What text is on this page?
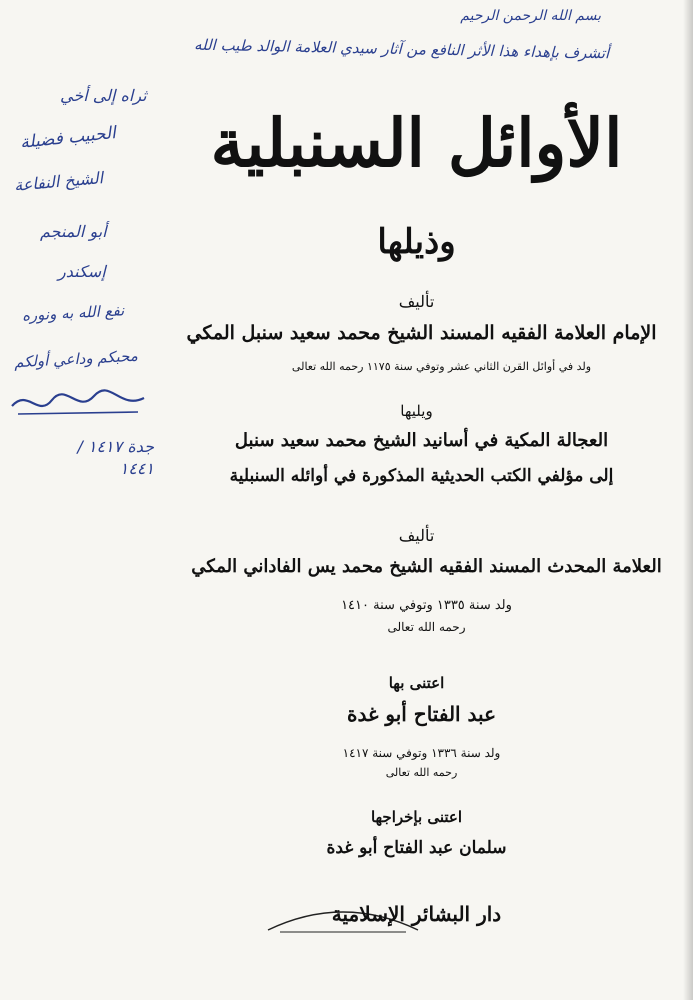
بسم الله الرحمن الرحيم
أتشرف بإهداء هذا الأثر النافع من آثار سيدي العلامة الوالد طيب الله
ثراه إلى أخي
الحبيب فضيلة
الشيخ النفاعة
أبو المنجم
إسكندر
نفع الله به ونوره
محبكم وداعي أولكم
جدة ١٤١٧ / ١٤٤١
الأوائل السنبلية
وذيلها
تأليف
الإمام العلامة الفقيه المسند الشيخ محمد سعيد سنبل المكي
ولد في أوائل القرن الثاني عشر وتوفي سنة ١١٧٥ رحمه الله تعالى
ويليها
العجالة المكية في أسانيد الشيخ محمد سعيد سنبل
إلى مؤلفي الكتب الحديثية المذكورة في أوائله السنبلية
تأليف
العلامة المحدث المسند الفقيه الشيخ محمد يس الفاداني المكي
ولد سنة ١٣٣٥ وتوفي سنة ١٤١٠
رحمه الله تعالى
اعتنى بها
عبد الفتاح أبو غدة
ولد سنة ١٣٣٦ وتوفي سنة ١٤١٧
رحمه الله تعالى
اعتنى بإخراجها
سلمان عبد الفتاح أبو غدة
دار البشائر الإسلامية
